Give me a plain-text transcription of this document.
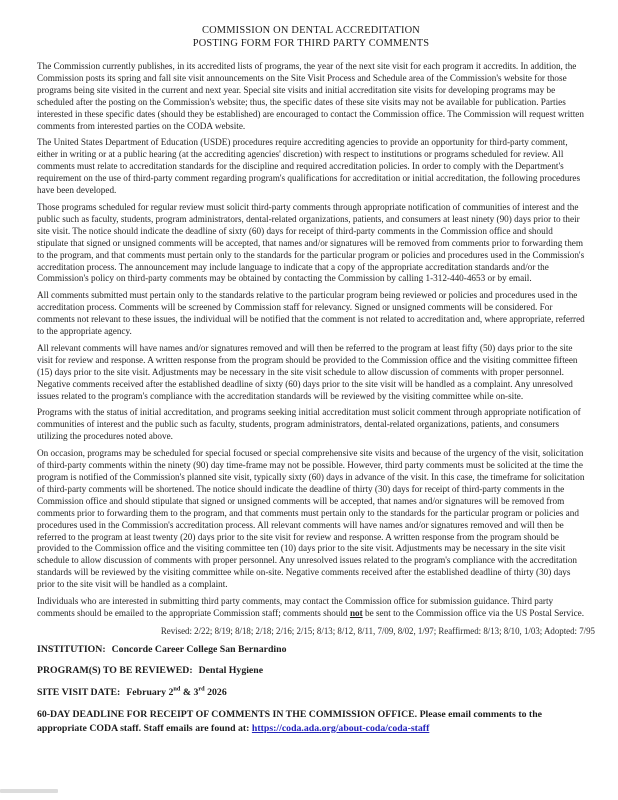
COMMISSION ON DENTAL ACCREDITATION
POSTING FORM FOR THIRD PARTY COMMENTS

The Commission currently publishes, in its accredited lists of programs, the year of the next site visit for each program it accredits. In addition, the Commission posts its spring and fall site visit announcements on the Site Visit Process and Schedule area of the Commission's website for those programs being site visited in the current and next year. Special site visits and initial accreditation site visits for developing programs may be scheduled after the posting on the Commission's website; thus, the specific dates of these site visits may not be available for publication. Parties interested in these specific dates (should they be established) are encouraged to contact the Commission office. The Commission will request written comments from interested parties on the CODA website.

The United States Department of Education (USDE) procedures require accrediting agencies to provide an opportunity for third-party comment, either in writing or at a public hearing (at the accrediting agencies' discretion) with respect to institutions or programs scheduled for review. All comments must relate to accreditation standards for the discipline and required accreditation policies. In order to comply with the Department's requirement on the use of third-party comment regarding program's qualifications for accreditation or initial accreditation, the following procedures have been developed.

Those programs scheduled for regular review must solicit third-party comments through appropriate notification of communities of interest and the public such as faculty, students, program administrators, dental-related organizations, patients, and consumers at least ninety (90) days prior to their site visit. The notice should indicate the deadline of sixty (60) days for receipt of third-party comments in the Commission office and should stipulate that signed or unsigned comments will be accepted, that names and/or signatures will be removed from comments prior to forwarding them to the program, and that comments must pertain only to the standards for the particular program or policies and procedures used in the Commission's accreditation process. The announcement may include language to indicate that a copy of the appropriate accreditation standards and/or the Commission's policy on third-party comments may be obtained by contacting the Commission by calling 1-312-440-4653 or by email.

All comments submitted must pertain only to the standards relative to the particular program being reviewed or policies and procedures used in the accreditation process. Comments will be screened by Commission staff for relevancy. Signed or unsigned comments will be considered. For comments not relevant to these issues, the individual will be notified that the comment is not related to accreditation and, where appropriate, referred to the appropriate agency.

All relevant comments will have names and/or signatures removed and will then be referred to the program at least fifty (50) days prior to the site visit for review and response. A written response from the program should be provided to the Commission office and the visiting committee fifteen (15) days prior to the site visit. Adjustments may be necessary in the site visit schedule to allow discussion of comments with proper personnel. Negative comments received after the established deadline of sixty (60) days prior to the site visit will be handled as a complaint. Any unresolved issues related to the program's compliance with the accreditation standards will be reviewed by the visiting committee while on-site.

Programs with the status of initial accreditation, and programs seeking initial accreditation must solicit comment through appropriate notification of communities of interest and the public such as faculty, students, program administrators, dental-related organizations, patients, and consumers utilizing the procedures noted above.

On occasion, programs may be scheduled for special focused or special comprehensive site visits and because of the urgency of the visit, solicitation of third-party comments within the ninety (90) day time-frame may not be possible. However, third party comments must be solicited at the time the program is notified of the Commission's planned site visit, typically sixty (60) days in advance of the visit. In this case, the timeframe for solicitation of third-party comments will be shortened. The notice should indicate the deadline of thirty (30) days for receipt of third-party comments in the Commission office and should stipulate that signed or unsigned comments will be accepted, that names and/or signatures will be removed from comments prior to forwarding them to the program, and that comments must pertain only to the standards for the particular program or policies and procedures used in the Commission's accreditation process. All relevant comments will have names and/or signatures removed and will then be referred to the program at least twenty (20) days prior to the site visit for review and response. A written response from the program should be provided to the Commission office and the visiting committee ten (10) days prior to the site visit. Adjustments may be necessary in the site visit schedule to allow discussion of comments with proper personnel. Any unresolved issues related to the program's compliance with the accreditation standards will be reviewed by the visiting committee while on-site. Negative comments received after the established deadline of thirty (30) days prior to the site visit will be handled as a complaint.

Individuals who are interested in submitting third party comments, may contact the Commission office for submission guidance. Third party comments should be emailed to the appropriate Commission staff; comments should not be sent to the Commission office via the US Postal Service.

Revised: 2/22; 8/19; 8/18; 2/18; 2/16; 2/15; 8/13; 8/12, 8/11, 7/09, 8/02, 1/97; Reaffirmed: 8/13; 8/10, 1/03; Adopted: 7/95
INSTITUTION: Concorde Career College San Bernardino
PROGRAM(S) TO BE REVIEWED: Dental Hygiene
SITE VISIT DATE: February 2nd & 3rd 2026
60-DAY DEADLINE FOR RECEIPT OF COMMENTS IN THE COMMISSION OFFICE. Please email comments to the appropriate CODA staff. Staff emails are found at: https://coda.ada.org/about-coda/coda-staff
